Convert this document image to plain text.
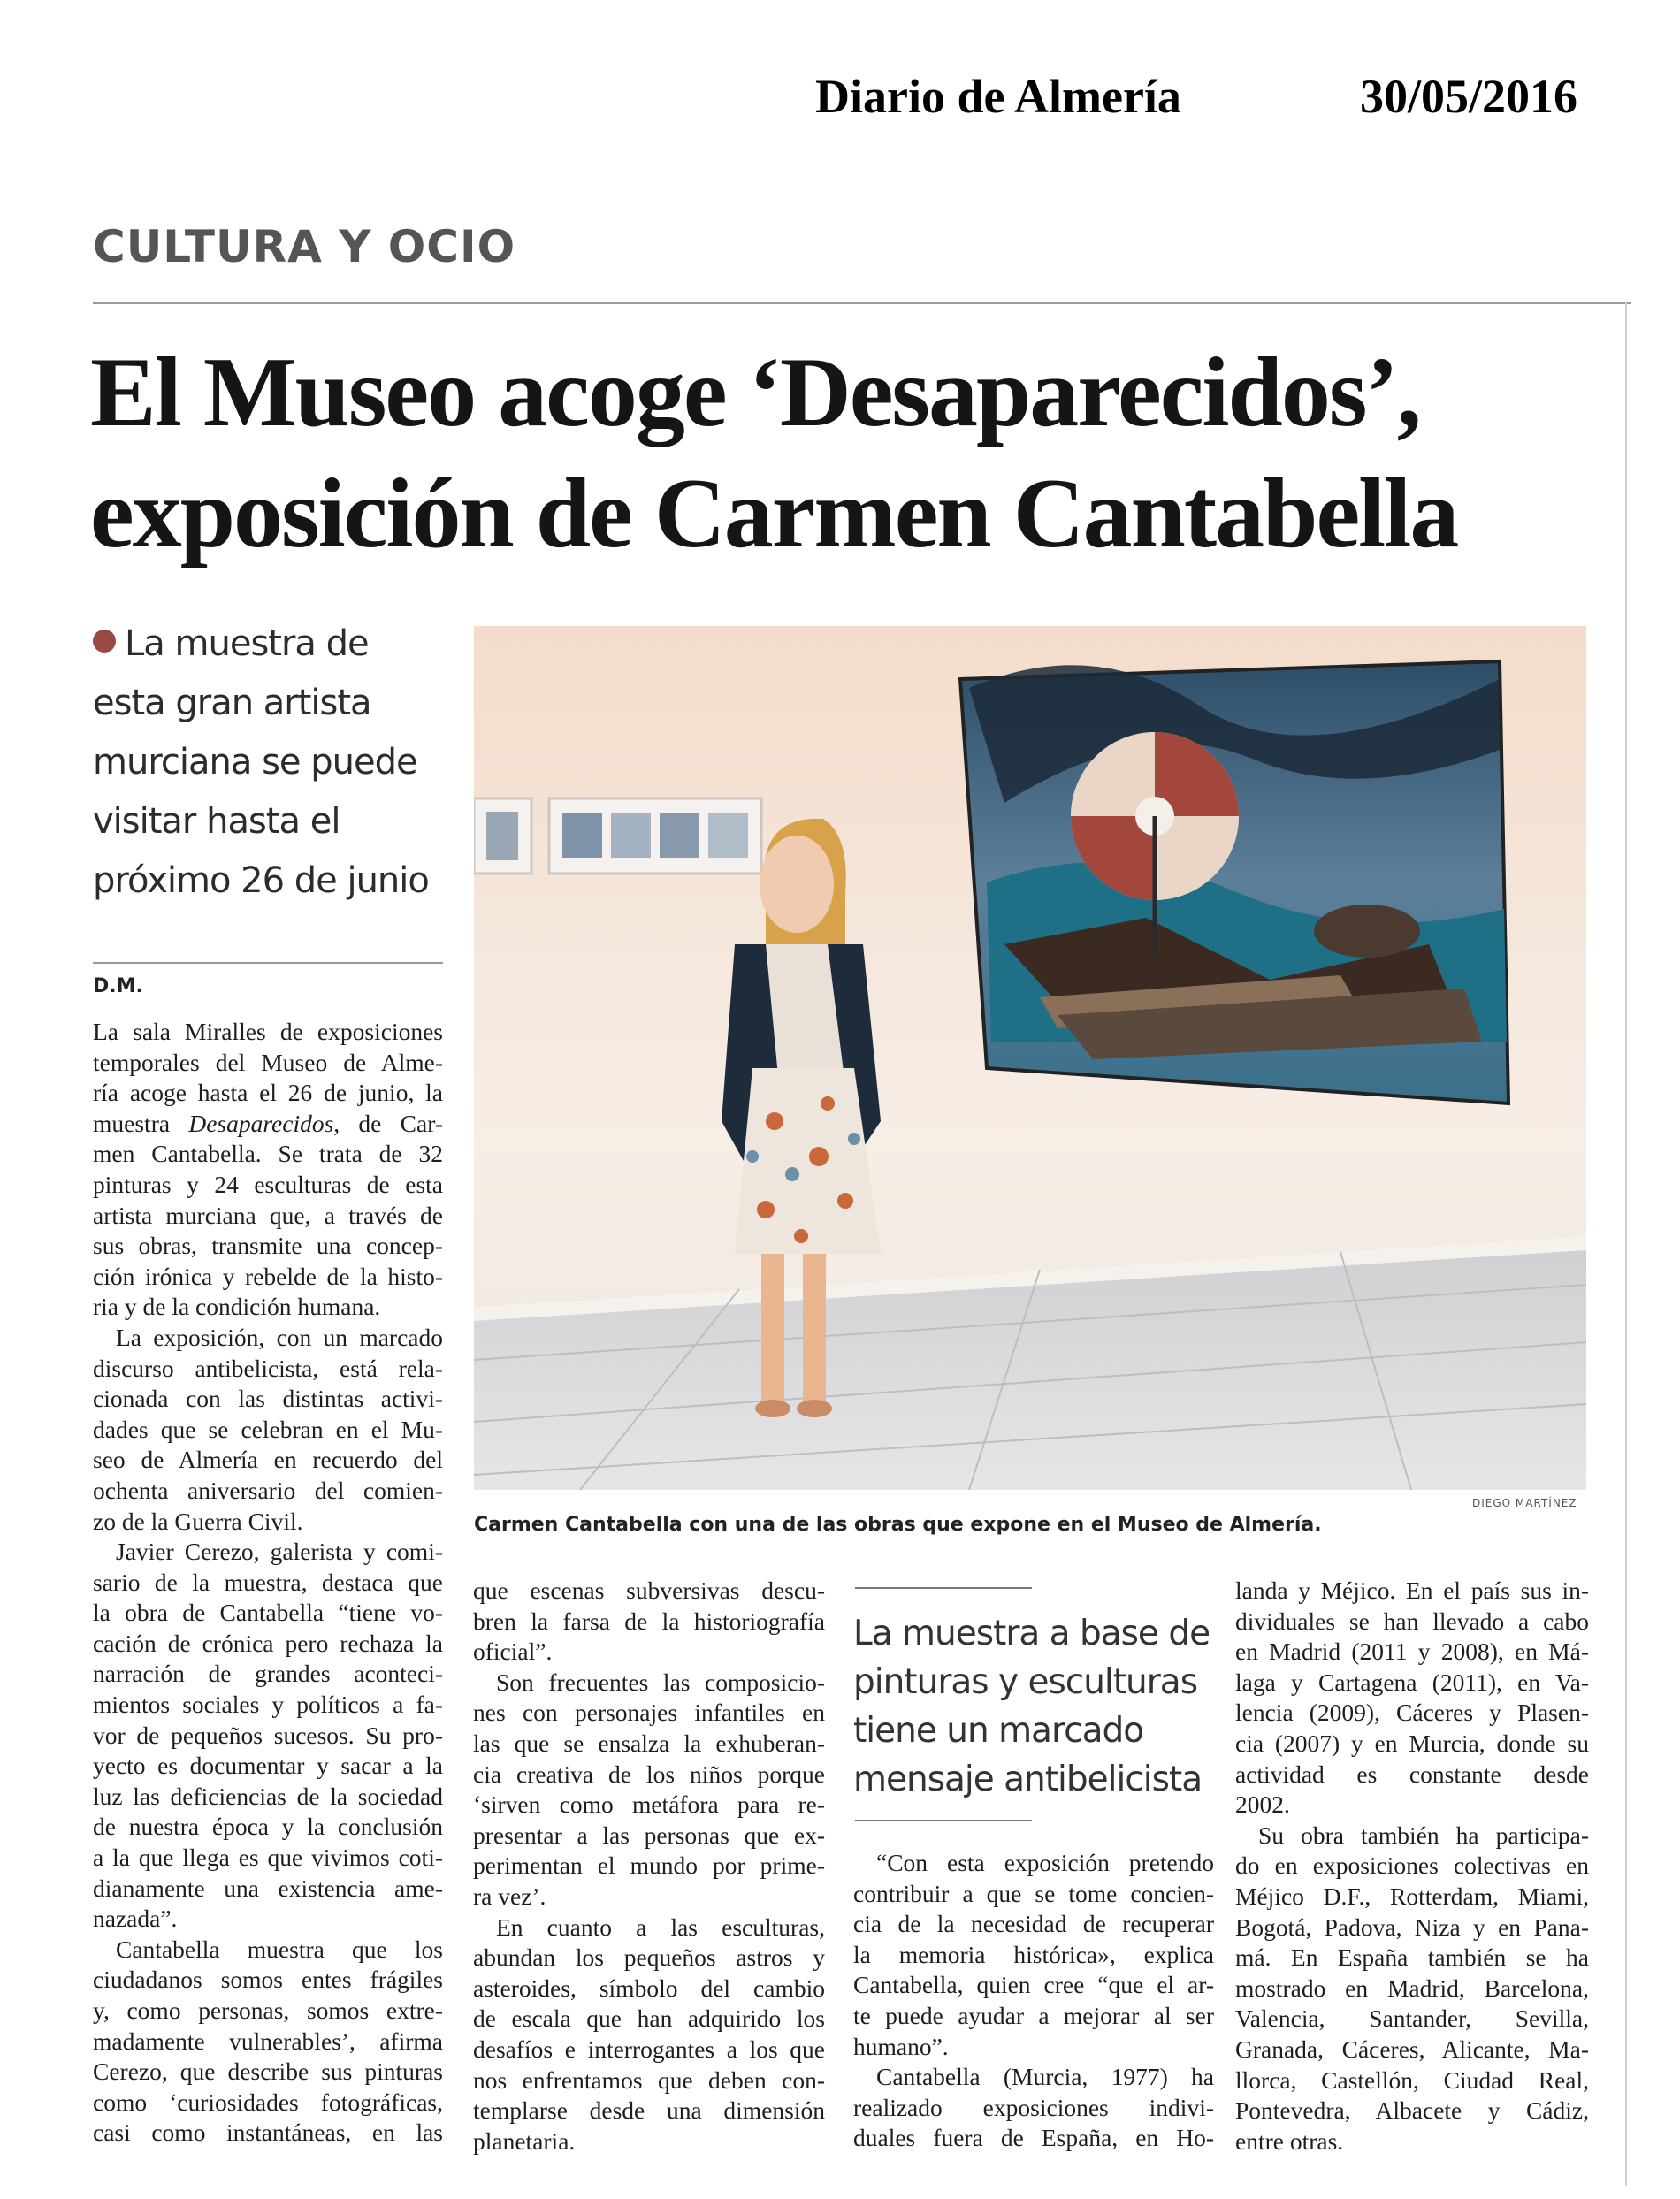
Diario de Almería	30/05/2016
CULTURA Y OCIO
El Museo acoge ‘Desaparecidos’,
exposición de Carmen Cantabella
La muestra de
esta gran artista
murciana se puede
visitar hasta el
próximo 26 de junio
D.M.
La sala Miralles de exposiciones
temporales del Museo de Alme-
ría acoge hasta el 26 de junio, la
muestra Desaparecidos, de Car-
men Cantabella. Se trata de 32
pinturas y 24 esculturas de esta
artista murciana que, a través de
sus obras, transmite una concep-
ción irónica y rebelde de la histo-
ria y de la condición humana.
La exposición, con un marcado
discurso antibelicista, está rela-
cionada con las distintas activi-
dades que se celebran en el Mu-
seo de Almería en recuerdo del
ochenta aniversario del comien-
zo de la Guerra Civil.
Javier Cerezo, galerista y comi-
sario de la muestra, destaca que
la obra de Cantabella “tiene vo-
cación de crónica pero rechaza la
narración de grandes aconteci-
mientos sociales y políticos a fa-
vor de pequeños sucesos. Su pro-
yecto es documentar y sacar a la
luz las deficiencias de la sociedad
de nuestra época y la conclusión
a la que llega es que vivimos coti-
dianamente una existencia ame-
nazada”.
Cantabella muestra que los
ciudadanos somos entes frágiles
y, como personas, somos extre-
madamente vulnerables’, afirma
Cerezo, que describe sus pinturas
como ‘curiosidades fotográficas,
casi como instantáneas, en las
DIEGO MARTÍNEZ
Carmen Cantabella con una de las obras que expone en el Museo de Almería.
que escenas subversivas descu-
bren la farsa de la historiografía
oficial”.
Son frecuentes las composicio-
nes con personajes infantiles en
las que se ensalza la exhuberan-
cia creativa de los niños porque
‘sirven como metáfora para re-
presentar a las personas que ex-
perimentan el mundo por prime-
ra vez’.
En cuanto a las esculturas,
abundan los pequeños astros y
asteroides, símbolo del cambio
de escala que han adquirido los
desafíos e interrogantes a los que
nos enfrentamos que deben con-
templarse desde una dimensión
planetaria.
La muestra a base de
pinturas y esculturas
tiene un marcado
mensaje antibelicista
“Con esta exposición pretendo
contribuir a que se tome concien-
cia de la necesidad de recuperar
la memoria histórica», explica
Cantabella, quien cree “que el ar-
te puede ayudar a mejorar al ser
humano”.
Cantabella (Murcia, 1977) ha
realizado exposiciones indivi-
duales fuera de España, en Ho-
landa y Méjico. En el país sus in-
dividuales se han llevado a cabo
en Madrid (2011 y 2008), en Má-
laga y Cartagena (2011), en Va-
lencia (2009), Cáceres y Plasen-
cia (2007) y en Murcia, donde su
actividad es constante desde
2002.
Su obra también ha participa-
do en exposiciones colectivas en
Méjico D.F., Rotterdam, Miami,
Bogotá, Padova, Niza y en Pana-
má. En España también se ha
mostrado en Madrid, Barcelona,
Valencia, Santander, Sevilla,
Granada, Cáceres, Alicante, Ma-
llorca, Castellón, Ciudad Real,
Pontevedra, Albacete y Cádiz,
entre otras.
